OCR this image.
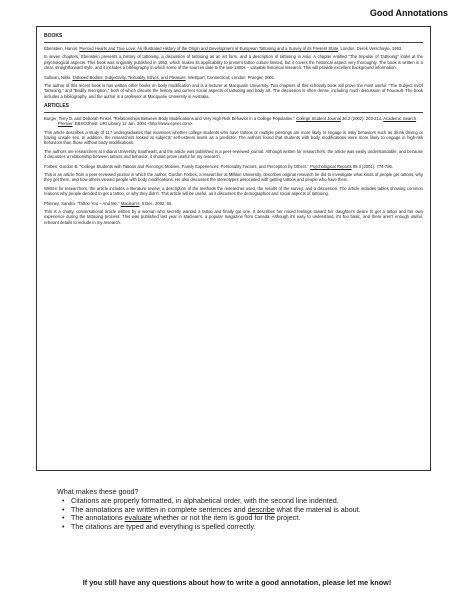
Good Annotations
BOOKS

Ebenstein, Hanns. Pierced Hearts and True Love: An Illustrated History of the Origin and Development of European Tattooing and a Survey of its Present State. London: Derek Verschoyle, 1953.

In seven chapters, Ebenstein presents a history of tattooing, a discussion of tattooing as an art form, and a description of tattooing in Asia. A chapter entitled "The Impulse of Tattooing" looks at the psychological aspects. This book was originally published in 1953, which makes its applicability to present tattoo culture limited, but it covers the historical aspect very thoroughly. The book is written in a clear, straightforward style, and it includes a bibliography in which some of the sources date to the late 1800s – valuable historical research. This will provide excellent background information.

Sullivan, Nikki. Tattooed Bodies: Subjectivity, Textuality, Ethics, and Pleasure. Westport, Connecticut; London: Praeger, 2001.

The author of this recent book is has written other books on body modification and is a lecturer at Macquarie University. Two chapters of this scholarly book will prove the most useful: "The Subject In/Of Tattooing," and "Bodily Inscription," both of which discuss the history and current social aspects of tattooing and body art. The discussion is often dense, including much discussion of Foucault. The book includes a bibliography, and the author is a professor at Macquarie University in Australia.

ARTICLES

Burger, Terry D. and Deborah Finkel. "Relationships Between Body Modifications and Very High Risk Behavior in a College Population." College Student Journal 36.2 (2002): 203-214. Academic Search Premier. EBSCOhost. URI Library 12 Jan. 2004 <http://www.epnet.com>.

This article describes a study of 117 undergraduates that examines whether college students who have tattoos or multiple piercings are more likely to engage in risky behaviors such as drunk driving or having unsafe sex. In addition, the researchers looked at subjects' self-esteem levels as a predictor. The authors found that students with body modifications were more likely to engage in high-risk behaviors than those without body modifications.

The authors are researchers at Indiana University Southeast, and the article was published in a peer-reviewed journal. Although written for researchers, the article was easily understandable, and because it discusses a relationship between tattoos and behavior, it should prove useful for my research.

Forbes, Gordon B. "College Students with Tattoos and Piercings: Motives, Family Experiences, Personality Factors, and Perception by Others." Psychological Reports 89.3 (2001): 774-786.

This is an article from a peer-reviewed journal in which the author, Gordon Forbes, a researcher at Millikin University, describes original research he did to investigate what kinds of people get tattoos, why they get them, and how others viewed people with body modifications. He also discusses the stereotypes associated with getting tattoos and people who have them.

Written for researchers, the article includes a literature review, a description of the methods the researcher used, the results of the survey, and a discussion. The article includes tables showing common reasons why people decided to get a tattoo, or why they didn't. This article will be useful, as it discusses the demographics and social aspects of tattooing.

Phinney, Sandra. "Tattoo You – And Me." Maclean's, 9 Dec. 2002: 65.

This is a chatty, conversational article written by a woman who secretly wanted a tattoo and finally got one. It describes her mixed feelings toward her daughter's desire to get a tattoo and her own experience during the tattooing process. This was published last year in Maclean's, a popular magazine from Canada. Although it's easy to understand, it's too basic, and there aren't enough useful, relevant details to include in my research.

What makes these good?

• Citations are properly formatted, in alphabetical order, with the second line indented.
• The annotations are written in complete sentences and describe what the material is about.
• The annotations evaluate whether or not the item is good for the project.
• The citations are typed and everything is spelled correctly.
If you still have any questions about how to write a good annotation, please let me know!
